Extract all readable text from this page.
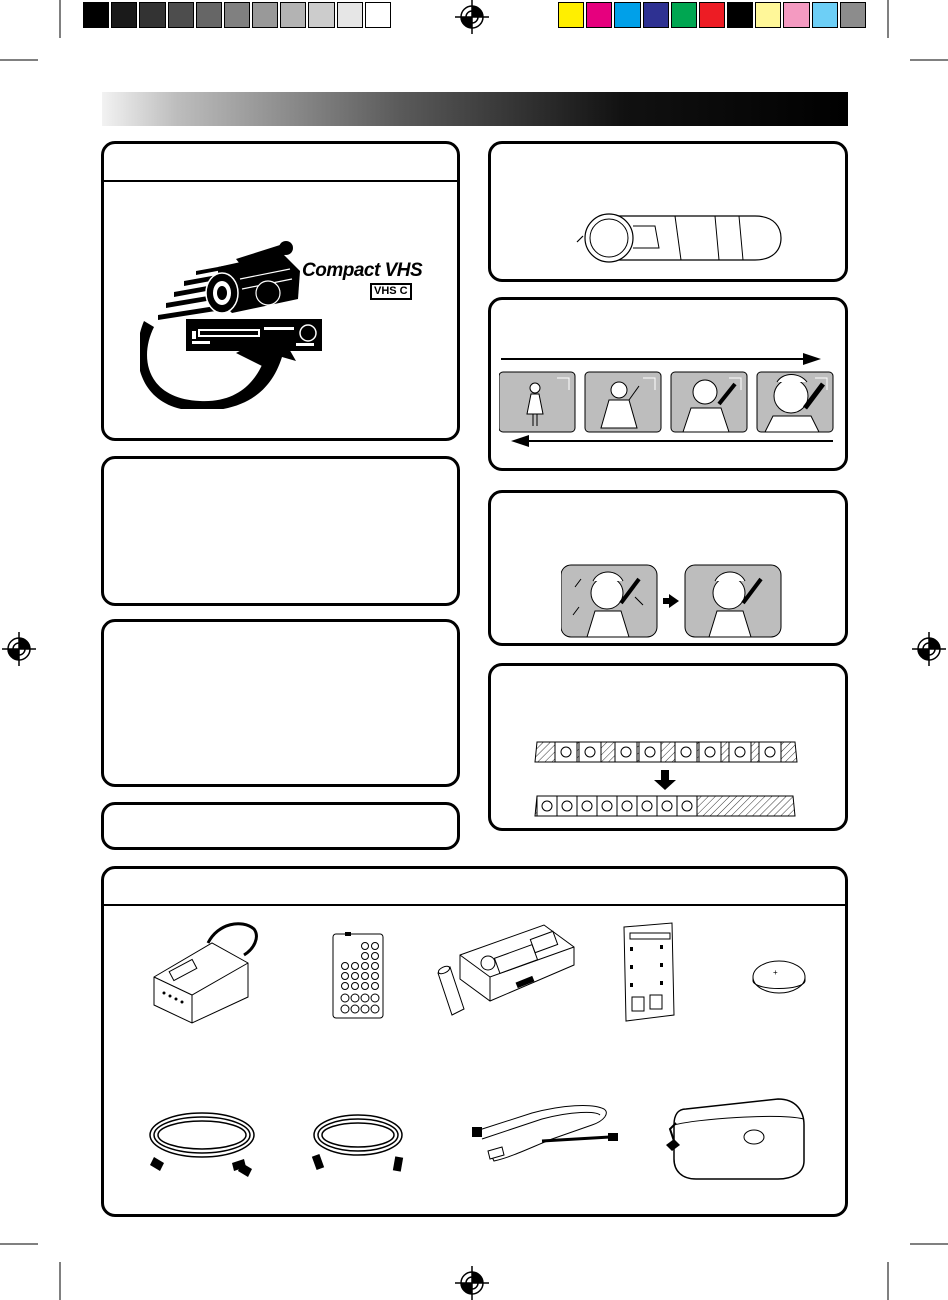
Compact VHS
VHS C
+
